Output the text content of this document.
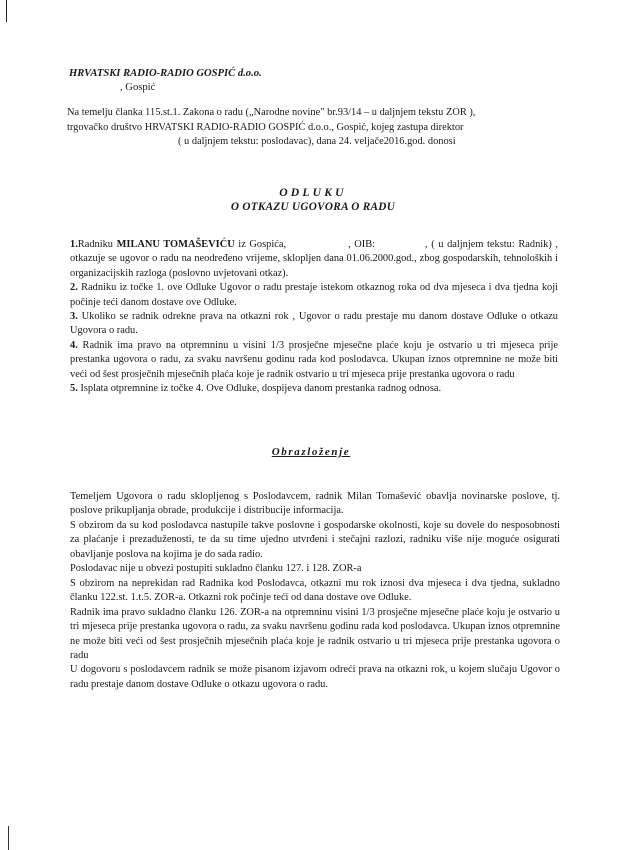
HRVATSKI RADIO-RADIO GOSPIĆ d.o.o.
, Gospić
Na temelju članka 115.st.1. Zakona o radu („Narodne novine" br.93/14 – u daljnjem tekstu ZOR ),
trgovačko društvo HRVATSKI RADIO-RADIO GOSPIĆ d.o.o., Gospić, kojeg zastupa direktor
( u daljnjem tekstu: poslodavac), dana 24. veljače2016.god. donosi
ODLUKU
O OTKAZU UGOVORA O RADU

1.Radniku MILANU TOMAŠEVIĆU iz Gospića,	, OIB:	, ( u daljnjem tekstu: Radnik) , otkazuje se ugovor o radu na neodređeno vrijeme, sklopljen dana 01.06.2000.god., zbog gospodarskih, tehnoloških i organizacijskih razloga (poslovno uvjetovani otkaz).

2. Radniku iz točke 1. ove Odluke Ugovor o radu prestaje istekom otkaznog roka od dva mjeseca i dva tjedna koji počinje teći danom dostave ove Odluke.

3. Ukoliko se radnik odrekne prava na otkazni rok , Ugovor o radu prestaje mu danom dostave Odluke o otkazu Ugovora o radu.

4. Radnik ima pravo na otpremninu u visini 1/3 prosječne mjesečne plaće koju je ostvario u tri mjeseca prije prestanka ugovora o radu, za svaku navršenu godinu rada kod poslodavca. Ukupan iznos otpremnine ne može biti veći od šest prosječnih mjesečnih plaća koje je radnik ostvario u tri mjeseca prije prestanka ugovora o radu

5. Isplata otpremnine iz točke 4. Ove Odluke, dospijeva danom prestanka radnog odnosa.

Obrazloženje

Temeljem Ugovora o radu sklopljenog s Poslodavcem, radnik Milan Tomašević obavlja novinarske poslove, tj. poslove prikupljanja obrade, produkcije i distribucije informacija.

S obzirom da su kod poslodavca nastupile takve poslovne i gospodarske okolnosti, koje su dovele do nesposobnosti za plaćanje i prezaduženosti, te da su time ujedno utvrđeni i stečajni razlozi, radniku više nije moguće osigurati obavljanje poslova na kojima je do sada radio.

Poslodavac nije u obvezi postupiti sukladno članku 127. i 128. ZOR-a

S obzirom na neprekidan rad Radnika kod Poslodavca, otkazni mu rok iznosi dva mjeseca i dva tjedna, sukladno članku 122.st. 1.t.5. ZOR-a. Otkazni rok počinje teći od dana dostave ove Odluke.

Radnik ima pravo sukladno članku 126. ZOR-a na otpremninu visini 1/3 prosječne mjesečne plaće koju je ostvario u tri mjeseca prije prestanka ugovora o radu, za svaku navršenu godinu rada kod poslodavca. Ukupan iznos otpremnine ne može biti veći od šest prosječnih mjesečnih plaća koje je radnik ostvario u tri mjeseca prije prestanka ugovora o radu

U dogovoru s poslodavcem radnik se može pisanom izjavom odreći prava na otkazni rok, u kojem slučaju Ugovor o radu prestaje danom dostave Odluke o otkazu ugovora o radu.
